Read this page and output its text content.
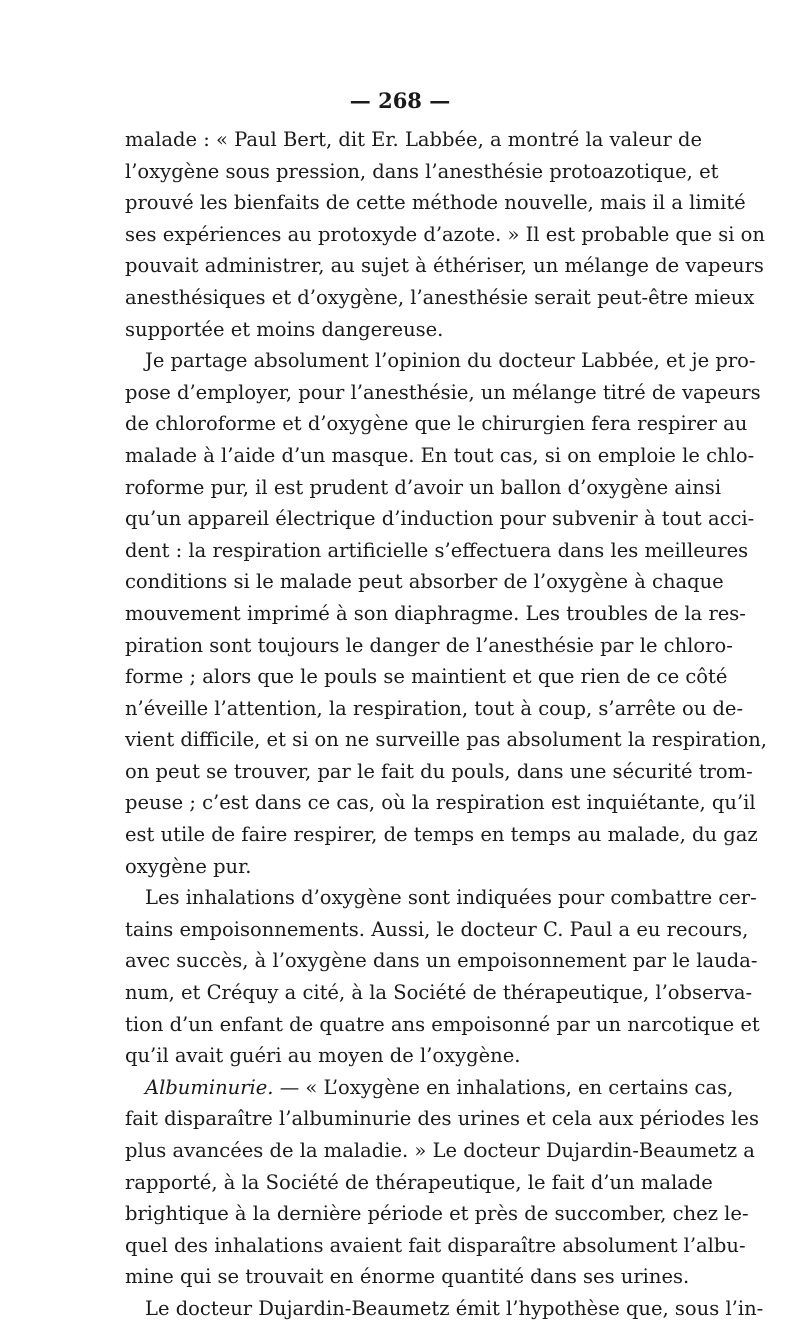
— 268 —
malade : « Paul Bert, dit Er. Labbée, a montré la valeur de
l’oxygène sous pression, dans l’anesthésie protoazotique, et
prouvé les bienfaits de cette méthode nouvelle, mais il a limité
ses expériences au protoxyde d’azote. » Il est probable que si on
pouvait administrer, au sujet à éthériser, un mélange de vapeurs
anesthésiques et d’oxygène, l’anesthésie serait peut-être mieux
supportée et moins dangereuse.
Je partage absolument l’opinion du docteur Labbée, et je pro-
pose d’employer, pour l’anesthésie, un mélange titré de vapeurs
de chloroforme et d’oxygène que le chirurgien fera respirer au
malade à l’aide d’un masque. En tout cas, si on emploie le chlo-
roforme pur, il est prudent d’avoir un ballon d’oxygène ainsi
qu’un appareil électrique d’induction pour subvenir à tout acci-
dent : la respiration artificielle s’effectuera dans les meilleures
conditions si le malade peut absorber de l’oxygène à chaque
mouvement imprimé à son diaphragme. Les troubles de la res-
piration sont toujours le danger de l’anesthésie par le chloro-
forme ; alors que le pouls se maintient et que rien de ce côté
n’éveille l’attention, la respiration, tout à coup, s’arrête ou de-
vient difficile, et si on ne surveille pas absolument la respiration,
on peut se trouver, par le fait du pouls, dans une sécurité trom-
peuse ; c’est dans ce cas, où la respiration est inquiétante, qu’il
est utile de faire respirer, de temps en temps au malade, du gaz
oxygène pur.
Les inhalations d’oxygène sont indiquées pour combattre cer-
tains empoisonnements. Aussi, le docteur C. Paul a eu recours,
avec succès, à l’oxygène dans un empoisonnement par le lauda-
num, et Créquy a cité, à la Société de thérapeutique, l’observa-
tion d’un enfant de quatre ans empoisonné par un narcotique et
qu’il avait guéri au moyen de l’oxygène.
Albuminurie. — « L’oxygène en inhalations, en certains cas,
fait disparaître l’albuminurie des urines et cela aux périodes les
plus avancées de la maladie. » Le docteur Dujardin-Beaumetz a
rapporté, à la Société de thérapeutique, le fait d’un malade
brightique à la dernière période et près de succomber, chez le-
quel des inhalations avaient fait disparaître absolument l’albu-
mine qui se trouvait en énorme quantité dans ses urines.
Le docteur Dujardin-Beaumetz émit l’hypothèse que, sous l’in-
